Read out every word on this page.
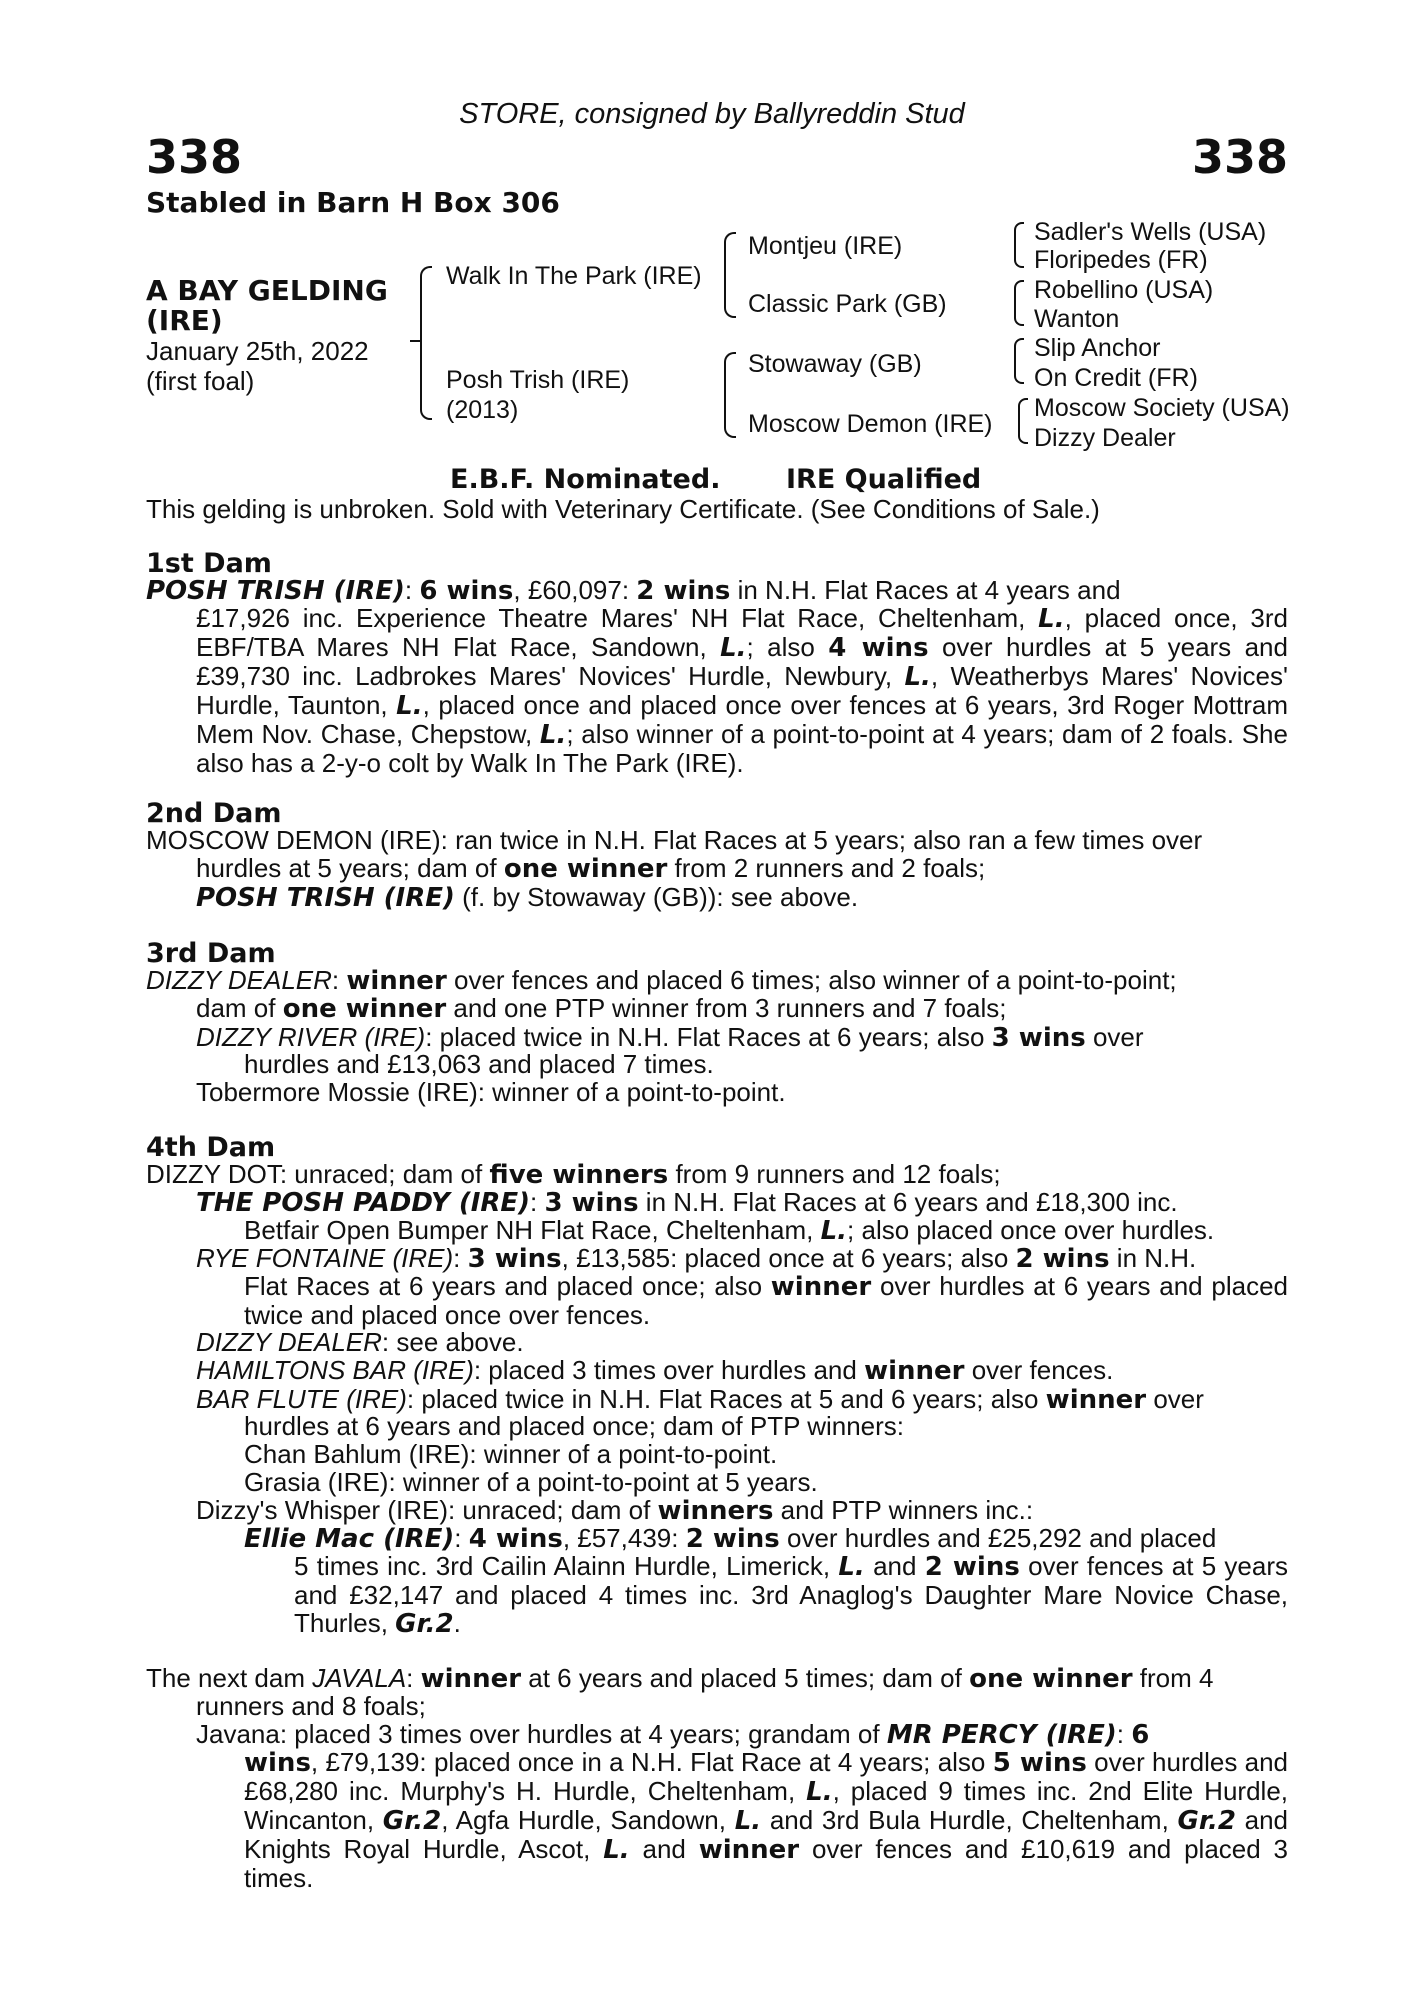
STORE, consigned by Ballyreddin Stud
338	338
Stabled in Barn H Box 306
A BAY GELDING (IRE)
January 25th, 2022
(first foal)
Walk In The Park (IRE)
Posh Trish (IRE)
(2013)
Montjeu (IRE)
Classic Park (GB)
Stowaway (GB)
Moscow Demon (IRE)
Sadler's Wells (USA)
Floripedes (FR)
Robellino (USA)
Wanton
Slip Anchor
On Credit (FR)
Moscow Society (USA)
Dizzy Dealer
E.B.F. Nominated. IRE Qualified
This gelding is unbroken. Sold with Veterinary Certificate. (See Conditions of Sale.)
1st Dam
POSH TRISH (IRE): 6 wins, £60,097: 2 wins in N.H. Flat Races at 4 years and
£17,926 inc. Experience Theatre Mares' NH Flat Race, Cheltenham, L., placed once, 3rd EBF/TBA Mares NH Flat Race, Sandown, L.; also 4 wins over hurdles at 5 years and £39,730 inc. Ladbrokes Mares' Novices' Hurdle, Newbury, L., Weatherbys Mares' Novices' Hurdle, Taunton, L., placed once and placed once over fences at 6 years, 3rd Roger Mottram Mem Nov. Chase, Chepstow, L.; also winner of a point-to-point at 4 years; dam of 2 foals. She also has a 2-y-o colt by Walk In The Park (IRE).
2nd Dam
MOSCOW DEMON (IRE): ran twice in N.H. Flat Races at 5 years; also ran a few times over
hurdles at 5 years; dam of one winner from 2 runners and 2 foals;
POSH TRISH (IRE) (f. by Stowaway (GB)): see above.
3rd Dam
DIZZY DEALER: winner over fences and placed 6 times; also winner of a point-to-point;
dam of one winner and one PTP winner from 3 runners and 7 foals;
DIZZY RIVER (IRE): placed twice in N.H. Flat Races at 6 years; also 3 wins over
hurdles and £13,063 and placed 7 times.
Tobermore Mossie (IRE): winner of a point-to-point.
4th Dam
DIZZY DOT: unraced; dam of five winners from 9 runners and 12 foals;
THE POSH PADDY (IRE): 3 wins in N.H. Flat Races at 6 years and £18,300 inc.
Betfair Open Bumper NH Flat Race, Cheltenham, L.; also placed once over hurdles.
RYE FONTAINE (IRE): 3 wins, £13,585: placed once at 6 years; also 2 wins in N.H.
Flat Races at 6 years and placed once; also winner over hurdles at 6 years and placed twice and placed once over fences.
DIZZY DEALER: see above.
HAMILTONS BAR (IRE): placed 3 times over hurdles and winner over fences.
BAR FLUTE (IRE): placed twice in N.H. Flat Races at 5 and 6 years; also winner over
hurdles at 6 years and placed once; dam of PTP winners:
Chan Bahlum (IRE): winner of a point-to-point.
Grasia (IRE): winner of a point-to-point at 5 years.
Dizzy's Whisper (IRE): unraced; dam of winners and PTP winners inc.:
Ellie Mac (IRE): 4 wins, £57,439: 2 wins over hurdles and £25,292 and placed
5 times inc. 3rd Cailin Alainn Hurdle, Limerick, L. and 2 wins over fences at 5 years and £32,147 and placed 4 times inc. 3rd Anaglog's Daughter Mare Novice Chase, Thurles, Gr.2.
The next dam JAVALA: winner at 6 years and placed 5 times; dam of one winner from 4
runners and 8 foals;
Javana: placed 3 times over hurdles at 4 years; grandam of MR PERCY (IRE): 6
wins, £79,139: placed once in a N.H. Flat Race at 4 years; also 5 wins over hurdles and £68,280 inc. Murphy's H. Hurdle, Cheltenham, L., placed 9 times inc. 2nd Elite Hurdle, Wincanton, Gr.2, Agfa Hurdle, Sandown, L. and 3rd Bula Hurdle, Cheltenham, Gr.2 and Knights Royal Hurdle, Ascot, L. and winner over fences and £10,619 and placed 3 times.
